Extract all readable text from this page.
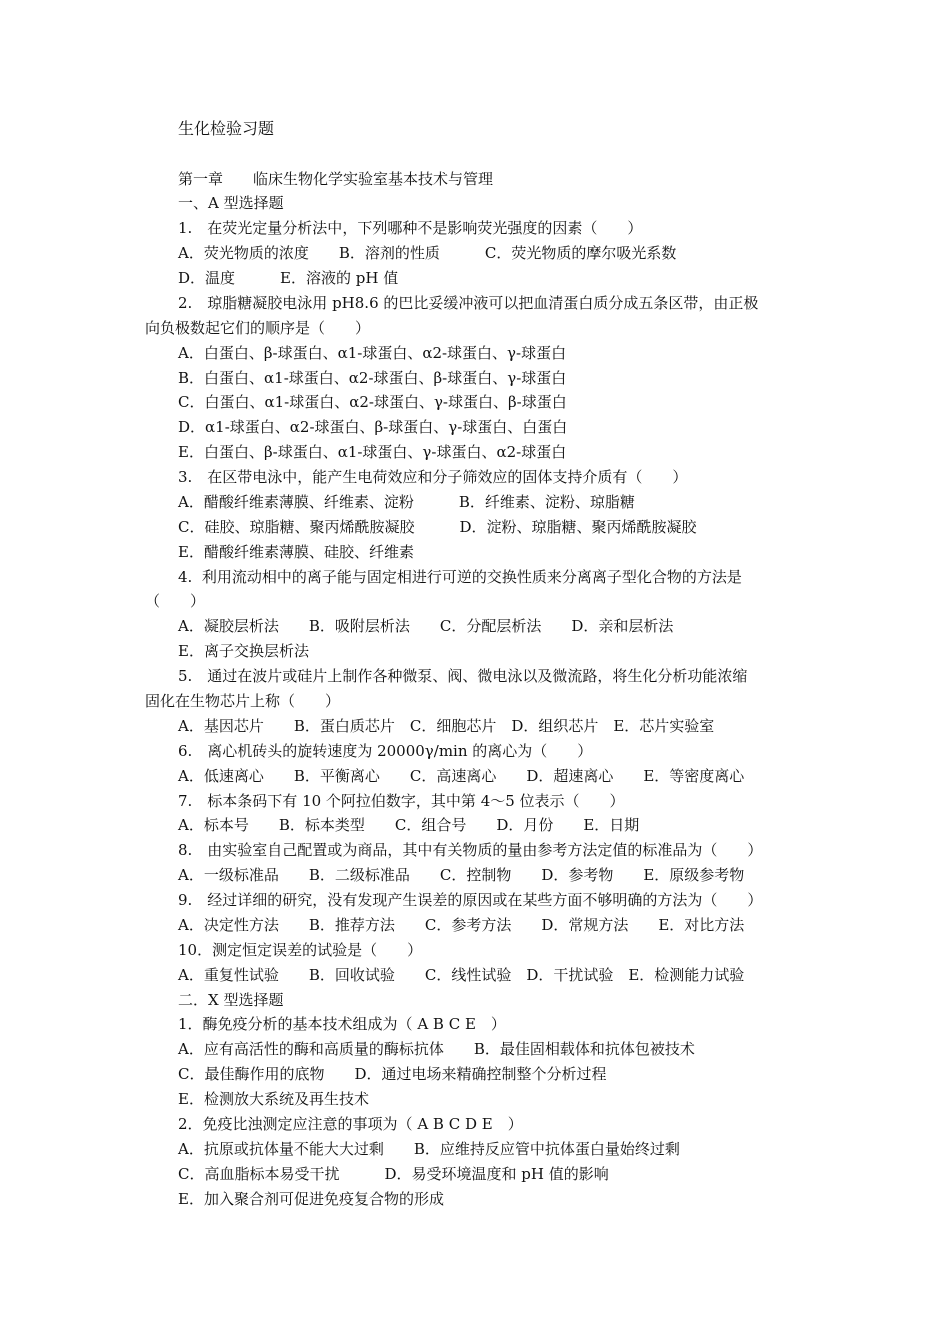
生化检验习题
第一章　　临床生物化学实验室基本技术与管理
一、A 型选择题
1.　在荧光定量分析法中，下列哪种不是影响荧光强度的因素（　　）
A．荧光物质的浓度　　B．溶剂的性质　　　C．荧光物质的摩尔吸光系数
D．温度　　　E．溶液的 pH 值
2.　琼脂糖凝胶电泳用 pH8.6 的巴比妥缓冲液可以把血清蛋白质分成五条区带，由正极
向负极数起它们的顺序是（　　）
A．白蛋白、β-球蛋白、α1-球蛋白、α2-球蛋白、γ-球蛋白
B．白蛋白、α1-球蛋白、α2-球蛋白、β-球蛋白、γ-球蛋白
C．白蛋白、α1-球蛋白、α2-球蛋白、γ-球蛋白、β-球蛋白
D．α1-球蛋白、α2-球蛋白、β-球蛋白、γ-球蛋白、白蛋白
E．白蛋白、β-球蛋白、α1-球蛋白、γ-球蛋白、α2-球蛋白
3.　在区带电泳中，能产生电荷效应和分子筛效应的固体支持介质有（　　）
A．醋酸纤维素薄膜、纤维素、淀粉　　　B．纤维素、淀粉、琼脂糖
C．硅胶、琼脂糖、聚丙烯酰胺凝胶　　　D．淀粉、琼脂糖、聚丙烯酰胺凝胶
E．醋酸纤维素薄膜、硅胶、纤维素
4.  利用流动相中的离子能与固定相进行可逆的交换性质来分离离子型化合物的方法是
（　　）
A．凝胶层析法　　B．吸附层析法　　C．分配层析法　　D．亲和层析法
E．离子交换层析法
5.　通过在波片或硅片上制作各种微泵、阀、微电泳以及微流路，将生化分析功能浓缩
固化在生物芯片上称（　　）
A．基因芯片　　B．蛋白质芯片　C．细胞芯片　D．组织芯片　E．芯片实验室
6.　离心机砖头的旋转速度为 20000γ/min 的离心为（　　）
A．低速离心　　B．平衡离心　　C．高速离心　　D．超速离心　　E．等密度离心
7.　标本条码下有 10 个阿拉伯数字，其中第 4～5 位表示（　　）
A．标本号　　B．标本类型　　C．组合号　　D．月份　　E．日期
8.　由实验室自己配置或为商品，其中有关物质的量由参考方法定值的标准品为（　　）
A．一级标准品　　B．二级标准品　　C．控制物　　D．参考物　　E．原级参考物
9.　经过详细的研究，没有发现产生误差的原因或在某些方面不够明确的方法为（　　）
A．决定性方法　　B．推荐方法　　C．参考方法　　D．常规方法　　E．对比方法
10．测定恒定误差的试验是（　　）
A．重复性试验　　B．回收试验　　C．线性试验　D．干扰试验　E．检测能力试验
二．X 型选择题
1．酶免疫分析的基本技术组成为（ A B C E　）
A．应有高活性的酶和高质量的酶标抗体　　B．最佳固相载体和抗体包被技术
C．最佳酶作用的底物　　D．通过电场来精确控制整个分析过程
E．检测放大系统及再生技术
2．免疫比浊测定应注意的事项为（ A B C D E　）
A．抗原或抗体量不能大大过剩　　B．应维持反应管中抗体蛋白量始终过剩
C．高血脂标本易受干扰　　　D．易受环境温度和 pH 值的影响
E．加入聚合剂可促进免疫复合物的形成
